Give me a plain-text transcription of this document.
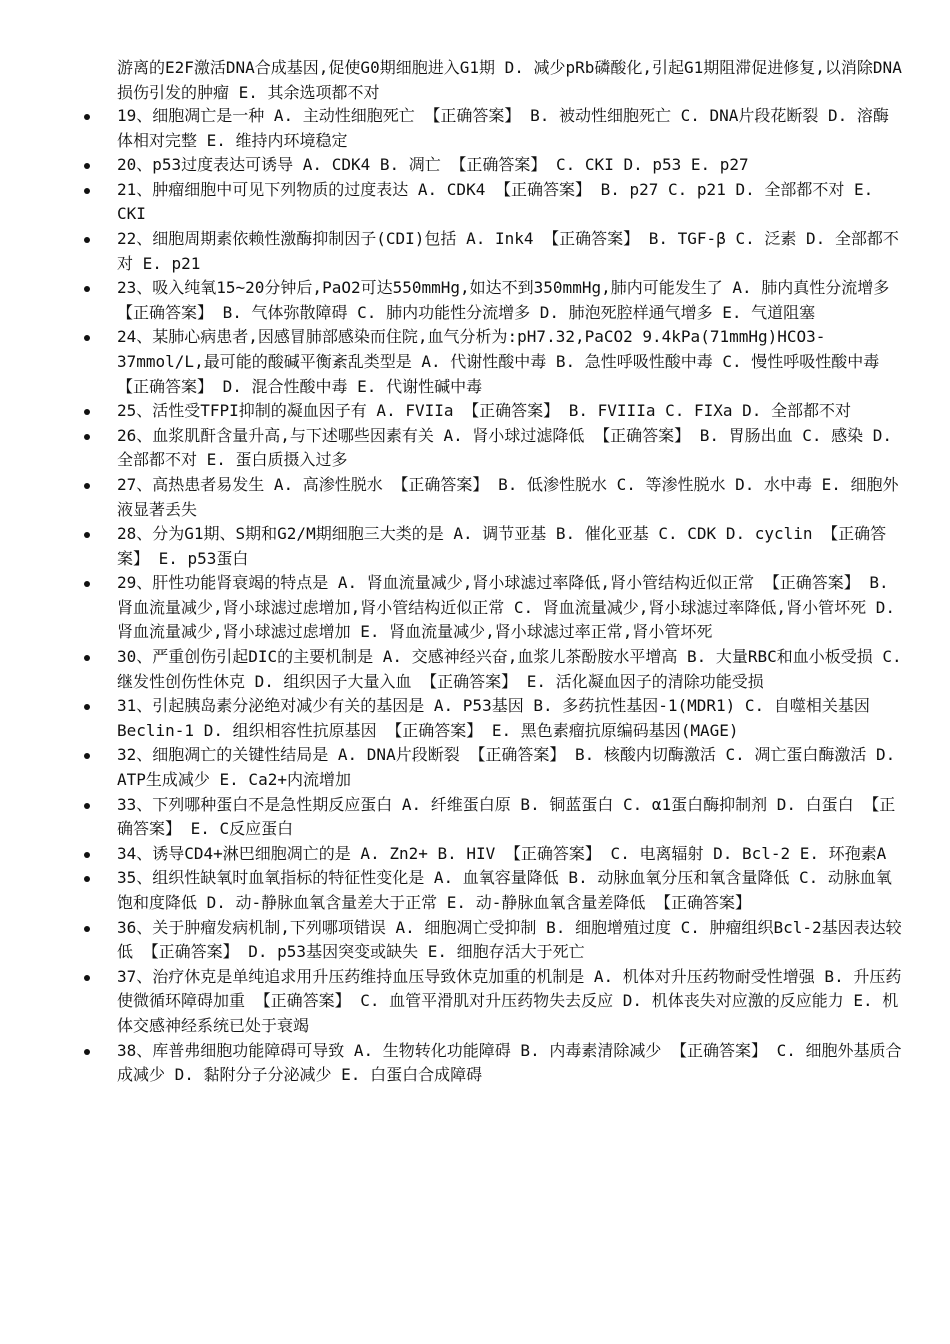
游离的E2F激活DNA合成基因,促使G0期细胞进入G1期 D. 减少pRb磷酸化,引起G1期阻滞促进修复,以消除DNA损伤引发的肿瘤 E. 其余选项都不对
19、细胞凋亡是一种 A. 主动性细胞死亡 【正确答案】 B. 被动性细胞死亡 C. DNA片段花断裂 D. 溶酶体相对完整 E. 维持内环境稳定
20、p53过度表达可诱导 A. CDK4 B. 凋亡 【正确答案】 C. CKI D. p53 E. p27
21、肿瘤细胞中可见下列物质的过度表达 A. CDK4 【正确答案】 B. p27 C. p21 D. 全部都不对 E. CKI
22、细胞周期素依赖性激酶抑制因子(CDI)包括 A. Ink4 【正确答案】 B. TGF-β C. 泛素 D. 全部都不对 E. p21
23、吸入纯氧15~20分钟后,PaO2可达550mmHg,如达不到350mmHg,肺内可能发生了 A. 肺内真性分流增多 【正确答案】 B. 气体弥散障碍 C. 肺内功能性分流增多 D. 肺泡死腔样通气增多 E. 气道阻塞
24、某肺心病患者,因感冒肺部感染而住院,血气分析为:pH7.32,PaCO2 9.4kPa(71mmHg)HCO3- 37mmol/L,最可能的酸碱平衡紊乱类型是 A. 代谢性酸中毒 B. 急性呼吸性酸中毒 C. 慢性呼吸性酸中毒 【正确答案】 D. 混合性酸中毒 E. 代谢性碱中毒
25、活性受TFPI抑制的凝血因子有 A. FVIIa 【正确答案】 B. FVIIIa C. FIXa D. 全部都不对
26、血浆肌酐含量升高,与下述哪些因素有关 A. 肾小球过滤降低 【正确答案】 B. 胃肠出血 C. 感染 D. 全部都不对 E. 蛋白质摄入过多
27、高热患者易发生 A. 高渗性脱水 【正确答案】 B. 低渗性脱水 C. 等渗性脱水 D. 水中毒 E. 细胞外液显著丢失
28、分为G1期、S期和G2/M期细胞三大类的是 A. 调节亚基 B. 催化亚基 C. CDK D. cyclin 【正确答案】 E. p53蛋白
29、肝性功能肾衰竭的特点是 A. 肾血流量减少,肾小球滤过率降低,肾小管结构近似正常 【正确答案】 B. 肾血流量减少,肾小球滤过虑增加,肾小管结构近似正常 C. 肾血流量减少,肾小球滤过率降低,肾小管坏死 D. 肾血流量减少,肾小球滤过虑增加 E. 肾血流量减少,肾小球滤过率正常,肾小管坏死
30、严重创伤引起DIC的主要机制是 A. 交感神经兴奋,血浆儿茶酚胺水平增高 B. 大量RBC和血小板受损 C. 继发性创伤性休克 D. 组织因子大量入血 【正确答案】 E. 活化凝血因子的清除功能受损
31、引起胰岛素分泌绝对减少有关的基因是 A. P53基因 B. 多药抗性基因-1(MDR1) C. 自噬相关基因Beclin-1 D. 组织相容性抗原基因 【正确答案】 E. 黑色素瘤抗原编码基因(MAGE)
32、细胞凋亡的关键性结局是 A. DNA片段断裂 【正确答案】 B. 核酸内切酶激活 C. 凋亡蛋白酶激活 D. ATP生成减少 E. Ca2+内流增加
33、下列哪种蛋白不是急性期反应蛋白 A. 纤维蛋白原 B. 铜蓝蛋白 C. α1蛋白酶抑制剂 D. 白蛋白 【正确答案】 E. C反应蛋白
34、诱导CD4+淋巴细胞凋亡的是 A. Zn2+ B. HIV 【正确答案】 C. 电离辐射 D. Bcl-2 E. 环孢素A
35、组织性缺氧时血氧指标的特征性变化是 A. 血氧容量降低 B. 动脉血氧分压和氧含量降低 C. 动脉血氧饱和度降低 D. 动-静脉血氧含量差大于正常 E. 动-静脉血氧含量差降低 【正确答案】
36、关于肿瘤发病机制,下列哪项错误 A. 细胞凋亡受抑制 B. 细胞增殖过度 C. 肿瘤组织Bcl-2基因表达较低 【正确答案】 D. p53基因突变或缺失 E. 细胞存活大于死亡
37、治疗休克是单纯追求用升压药维持血压导致休克加重的机制是 A. 机体对升压药物耐受性增强 B. 升压药使微循环障碍加重 【正确答案】 C. 血管平滑肌对升压药物失去反应 D. 机体丧失对应激的反应能力 E. 机体交感神经系统已处于衰竭
38、库普弗细胞功能障碍可导致 A. 生物转化功能障碍 B. 内毒素清除减少 【正确答案】 C. 细胞外基质合成减少 D. 黏附分子分泌减少 E. 白蛋白合成障碍
